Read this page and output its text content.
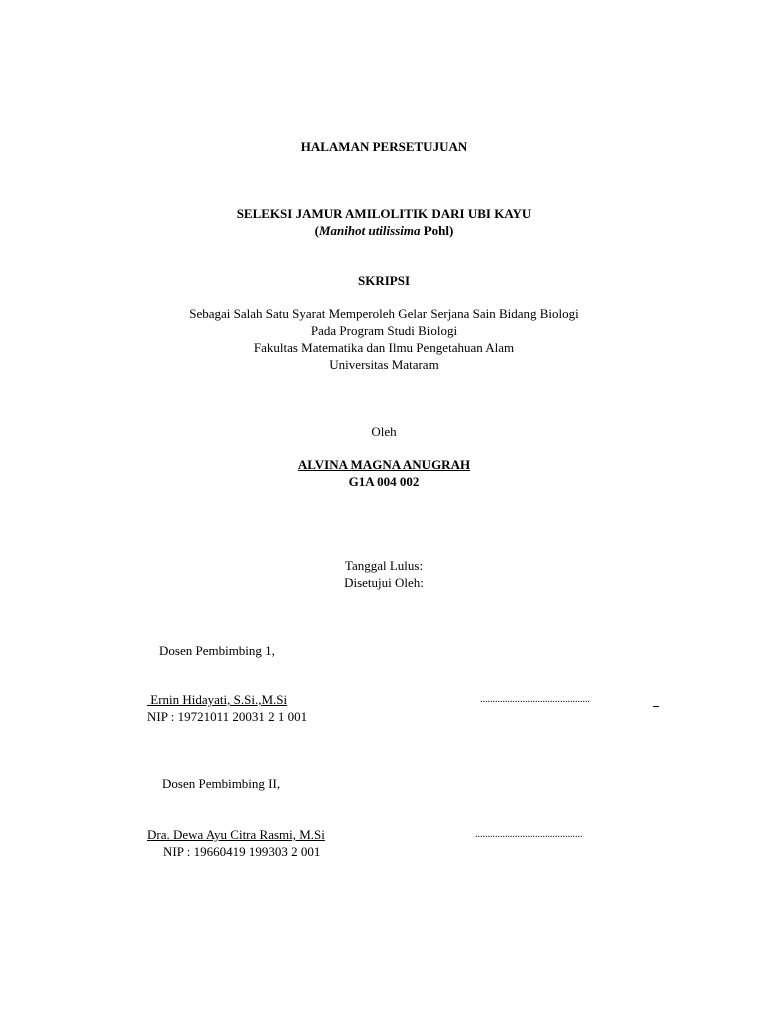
HALAMAN PERSETUJUAN
SELEKSI JAMUR AMILOLITIK DARI UBI KAYU
(Manihot utilissima Pohl)
SKRIPSI
Sebagai Salah Satu Syarat Memperoleh Gelar Serjana Sain Bidang Biologi
Pada Program Studi Biologi
Fakultas Matematika dan Ilmu Pengetahuan Alam
Universitas Mataram
Oleh
ALVINA MAGNA ANUGRAH
G1A 004 002
Tanggal Lulus:
Disetujui Oleh:
Dosen Pembimbing 1,
Ernin Hidayati, S.Si.,M.Si	............................................
NIP : 19721011 20031 2 1 001
Dosen Pembimbing II,
Dra. Dewa Ayu Citra Rasmi, M.Si	...........................................
NIP : 19660419 199303 2 001
